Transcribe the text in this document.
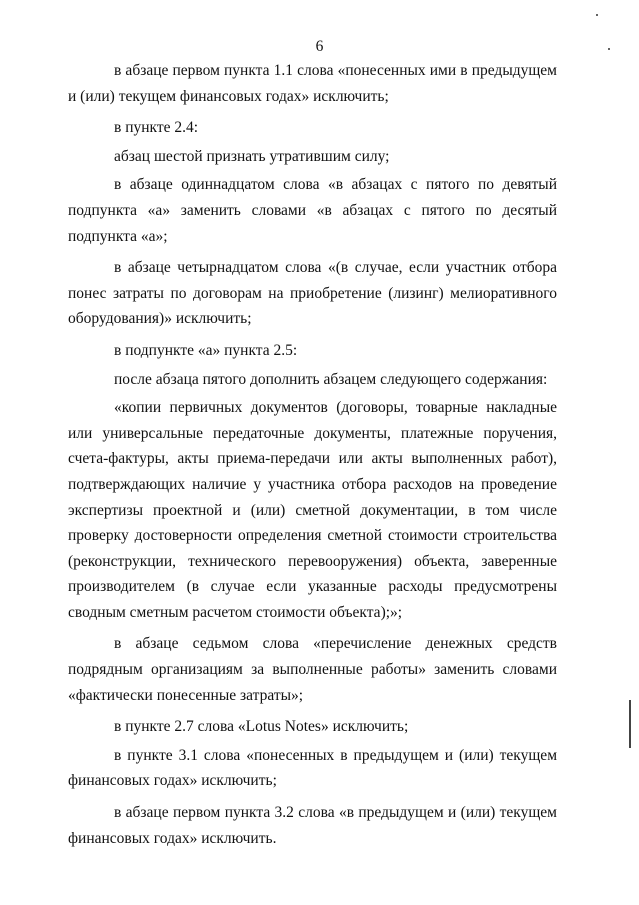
6

в абзаце первом пункта 1.1 слова «понесенных ими в предыдущем и (или) текущем финансовых годах» исключить;

в пункте 2.4:

абзац шестой признать утратившим силу;

в абзаце одиннадцатом слова «в абзацах с пятого по девятый подпункта «а» заменить словами «в абзацах с пятого по десятый подпункта «а»;

в абзаце четырнадцатом слова «(в случае, если участник отбора понес затраты по договорам на приобретение (лизинг) мелиоративного оборудования)» исключить;

в подпункте «а» пункта 2.5:

после абзаца пятого дополнить абзацем следующего содержания:

«копии первичных документов (договоры, товарные накладные или универсальные передаточные документы, платежные поручения, счета-фактуры, акты приема-передачи или акты выполненных работ), подтверждающих наличие у участника отбора расходов на проведение экспертизы проектной и (или) сметной документации, в том числе проверку достоверности определения сметной стоимости строительства (реконструкции, технического перевооружения) объекта, заверенные производителем (в случае если указанные расходы предусмотрены сводным сметным расчетом стоимости объекта);»;

в абзаце седьмом слова «перечисление денежных средств подрядным организациям за выполненные работы» заменить словами «фактически понесенные затраты»;

в пункте 2.7 слова «Lotus Notes» исключить;

в пункте 3.1 слова «понесенных в предыдущем и (или) текущем финансовых годах» исключить;

в абзаце первом пункта 3.2 слова «в предыдущем и (или) текущем финансовых годах» исключить.
